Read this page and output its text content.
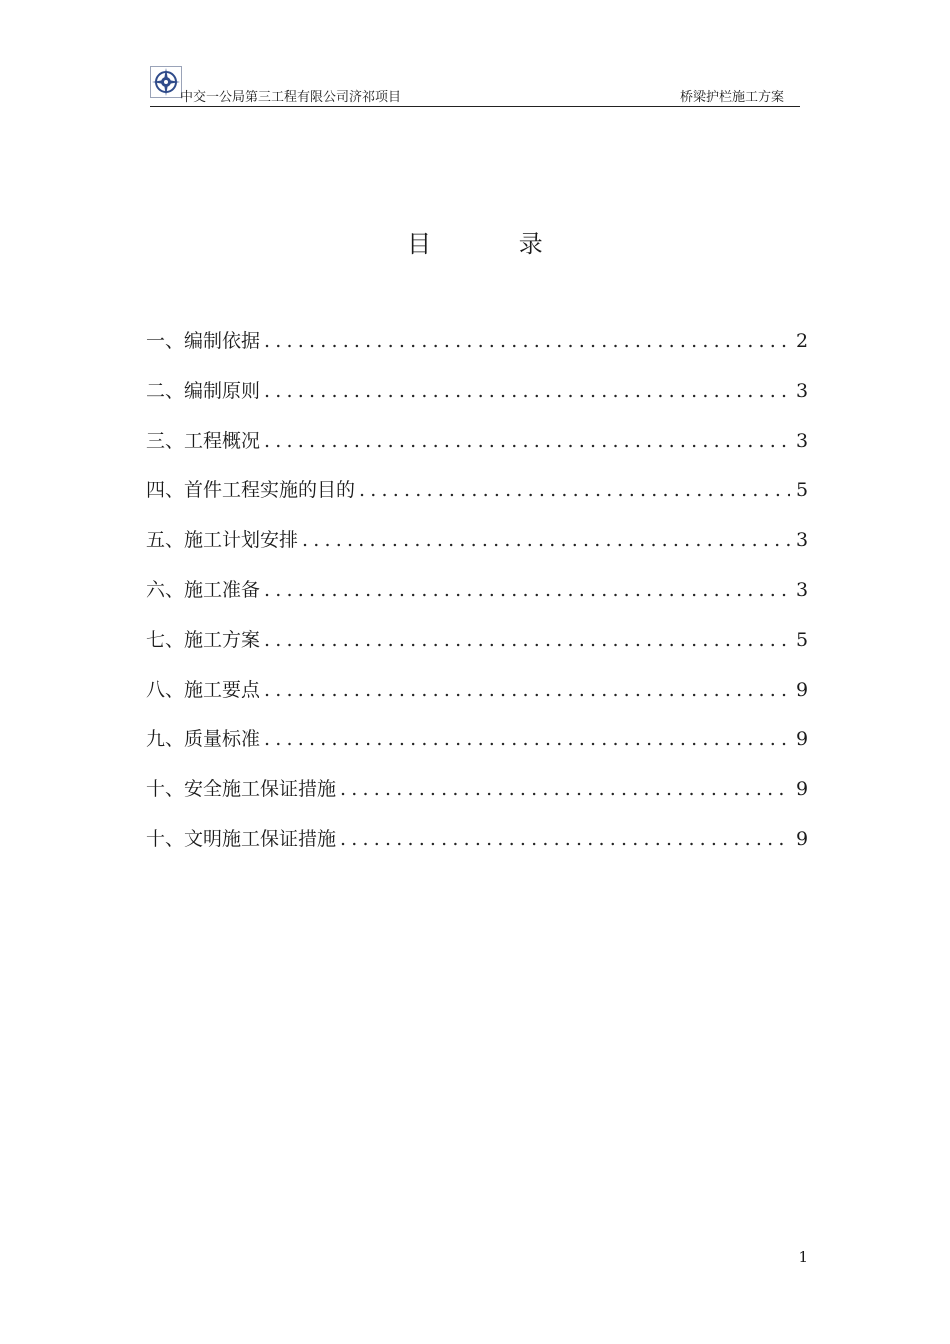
中交一公局第三工程有限公司济祁项目	桥梁护栏施工方案
目 录
一、编制依据 .....	2
二、编制原则 .....	3
三、工程概况 .....	3
四、首件工程实施的目的 .....	5
五、施工计划安排 .....	3
六、施工准备 .....	3
七、施工方案 .....	5
八、施工要点 .....	9
九、质量标准 .....	9
十、安全施工保证措施 .....	9
十、文明施工保证措施 .....	9
1
